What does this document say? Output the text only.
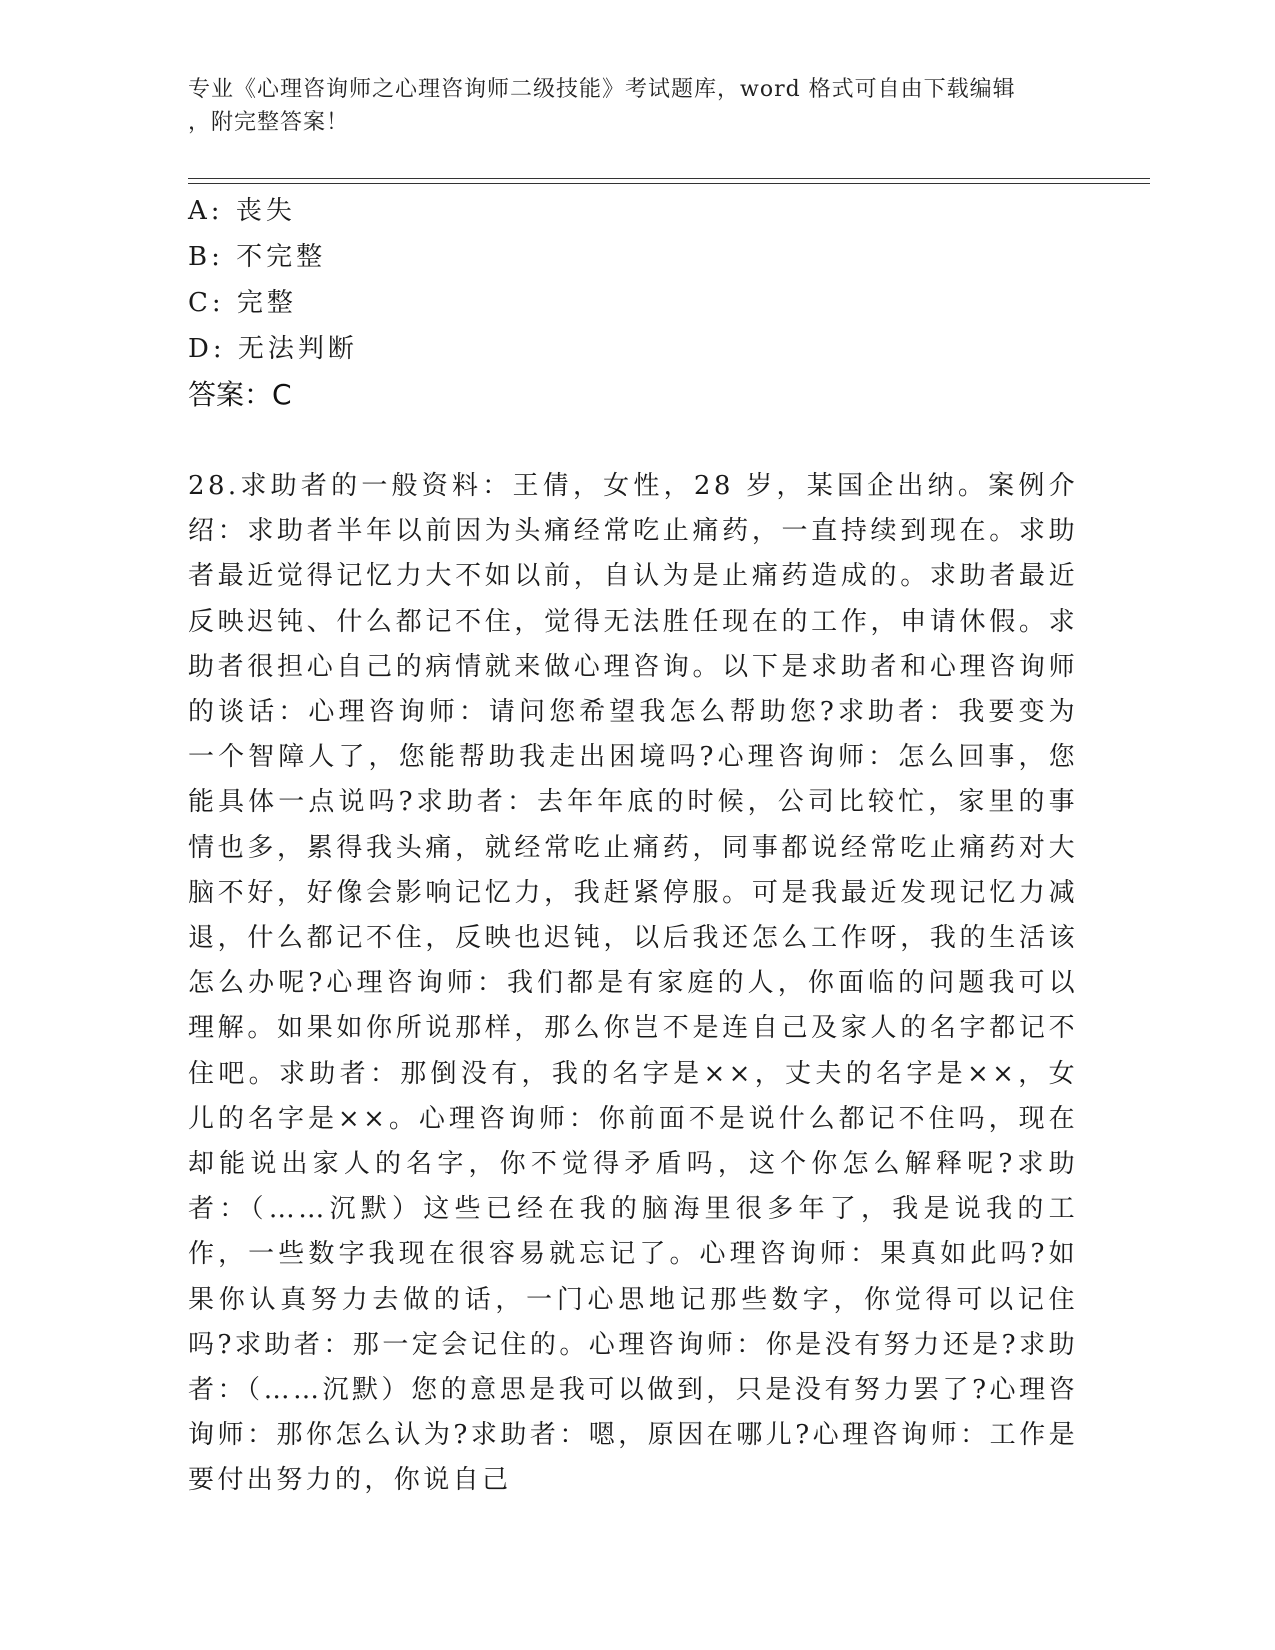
专业《心理咨询师之心理咨询师二级技能》考试题库，word 格式可自由下载编辑
，附完整答案！
A: 丧失
B: 不完整
C: 完整
D: 无法判断
答案：C
28.求助者的一般资料：王倩，女性，28 岁，某国企出纳。案例介绍：求助者半年以前因为头痛经常吃止痛药，一直持续到现在。求助者最近觉得记忆力大不如以前，自认为是止痛药造成的。求助者最近反映迟钝、什么都记不住，觉得无法胜任现在的工作，申请休假。求助者很担心自己的病情就来做心理咨询。以下是求助者和心理咨询师的谈话：心理咨询师：请问您希望我怎么帮助您?求助者：我要变为一个智障人了，您能帮助我走出困境吗?心理咨询师：怎么回事，您能具体一点说吗?求助者：去年年底的时候，公司比较忙，家里的事情也多，累得我头痛，就经常吃止痛药，同事都说经常吃止痛药对大脑不好，好像会影响记忆力，我赶紧停服。可是我最近发现记忆力减退，什么都记不住，反映也迟钝，以后我还怎么工作呀，我的生活该怎么办呢?心理咨询师：我们都是有家庭的人，你面临的问题我可以理解。如果如你所说那样，那么你岂不是连自己及家人的名字都记不住吧。求助者：那倒没有，我的名字是××，丈夫的名字是××，女儿的名字是××。心理咨询师：你前面不是说什么都记不住吗，现在却能说出家人的名字，你不觉得矛盾吗，这个你怎么解释呢?求助者：（……沉默）这些已经在我的脑海里很多年了，我是说我的工作，一些数字我现在很容易就忘记了。心理咨询师：果真如此吗?如果你认真努力去做的话，一门心思地记那些数字，你觉得可以记住吗?求助者：那一定会记住的。心理咨询师：你是没有努力还是?求助者：（……沉默）您的意思是我可以做到，只是没有努力罢了?心理咨询师：那你怎么认为?求助者：嗯，原因在哪儿?心理咨询师：工作是要付出努力的，你说自己
